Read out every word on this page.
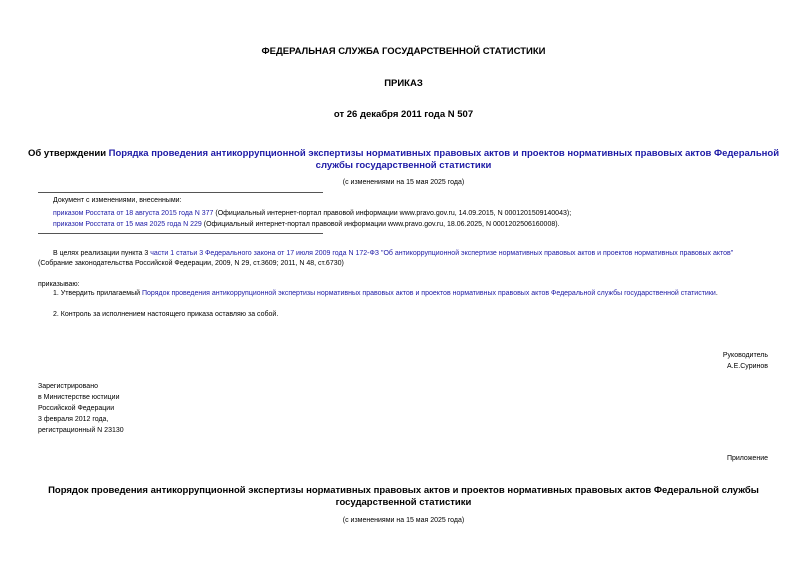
ФЕДЕРАЛЬНАЯ СЛУЖБА ГОСУДАРСТВЕННОЙ СТАТИСТИКИ
ПРИКАЗ
от 26 декабря 2011 года N 507
Об утверждении Порядка проведения антикоррупционной экспертизы нормативных правовых актов и проектов нормативных правовых актов Федеральной
службы государственной статистики
(с изменениями на 15 мая 2025 года)
Документ с изменениями, внесенными:
приказом Росстата от 18 августа 2015 года N 377 (Официальный интернет-портал правовой информации www.pravo.gov.ru, 14.09.2015, N 0001201509140043);
приказом Росстата от 15 мая 2025 года N 229 (Официальный интернет-портал правовой информации www.pravo.gov.ru, 18.06.2025, N 0001202506160008).
В целях реализации пункта 3 части 1 статьи 3 Федерального закона от 17 июля 2009 года N 172-ФЗ "Об антикоррупционной экспертизе нормативных правовых актов и проектов нормативных правовых актов"
(Собрание законодательства Российской Федерации, 2009, N 29, ст.3609; 2011, N 48, ст.6730)
приказываю:
1. Утвердить прилагаемый Порядок проведения антикоррупционной экспертизы нормативных правовых актов и проектов нормативных правовых актов Федеральной службы государственной статистики.
2. Контроль за исполнением настоящего приказа оставляю за собой.
Руководитель
А.Е.Суринов
Зарегистрировано
в Министерстве юстиции
Российской Федерации
3 февраля 2012 года,
регистрационный N 23130
Приложение
Порядок проведения антикоррупционной экспертизы нормативных правовых актов и проектов нормативных правовых актов Федеральной службы
государственной статистики
(с изменениями на 15 мая 2025 года)
